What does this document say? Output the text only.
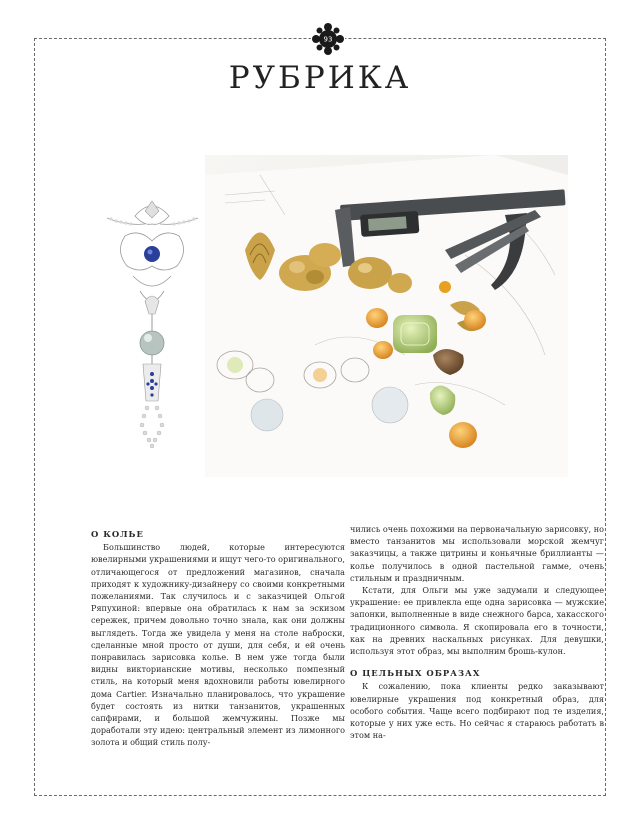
93
РУБРИКА

О КОЛЬЕ

Большинство людей, которые интересуются ювелирными украшениями и ищут чего-то оригинального, отличающегося от предложений магазинов, сначала приходят к художнику-дизайнеру со своими конкретными пожеланиями. Так случилось и с заказчицей Ольгой Ряпухиной: впервые она обратилась к нам за эскизом сережек, причем довольно точно знала, как они должны выглядеть. Тогда же увидела у меня на столе наброски, сделанные мной просто от души, для себя, и ей очень понравилась зарисовка колье. В нем уже тогда были видны викторианские мотивы, несколько помпезный стиль, на который меня вдохновили работы ювелирного дома Cartier. Изначально планировалось, что украшение будет состоять из нитки танзанитов, украшенных сапфирами, и большой жемчужины. Позже мы доработали эту идею: центральный элемент из лимонного золота и общий стиль полу-

чились очень похожими на первоначальную зарисовку, но вместо танзанитов мы использовали морской жемчуг заказчицы, а также цитрины и коньячные бриллианты — колье получилось в одной пастельной гамме, очень стильным и праздничным.

Кстати, для Ольги мы уже задумали и следующее украшение: ее привлекла еще одна зарисовка — мужские запонки, выполненные в виде снежного барса, хакасского традиционного символа. Я скопировала его в точности, как на древних наскальных рисунках. Для девушки, используя этот образ, мы выполним брошь-кулон.

О ЦЕЛЬНЫХ ОБРАЗАХ

К сожалению, пока клиенты редко заказывают ювелирные украшения под конкретный образ, для особого события. Чаще всего подбирают под те изделия, которые у них уже есть. Но сейчас я стараюсь работать в этом на-
